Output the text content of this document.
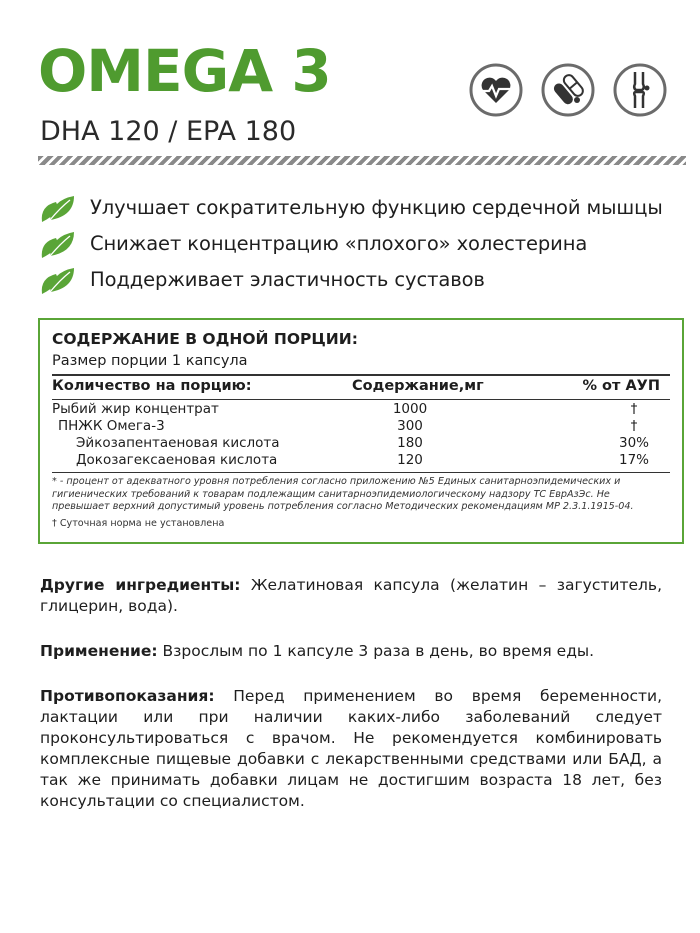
OMEGA 3
DHA 120 / EPA 180
Улучшает сократительную функцию сердечной мышцы
Снижает концентрацию «плохого» холестерина
Поддерживает эластичность суставов
СОДЕРЖАНИЕ В ОДНОЙ ПОРЦИИ:
Размер порции 1 капсула
Количество на порцию:	Содержание,мг	% от АУП
Рыбий жир концентрат	1000	†
ПНЖК Омега-3	300	†
Эйкозапентаеновая кислота	180	30%
Докозагексаеновая кислота	120	17%
* - процент от адекватного уровня потребления согласно приложению №5 Единых санитарноэпидемических и гигиенических требований к товарам подлежащим санитарноэпидемиологическому надзору ТС ЕврАзЭс. Не превышает верхний допустимый уровень потребления согласно Методических рекомендациям МР 2.3.1.1915-04.
† Суточная норма не установлена

Другие ингредиенты: Желатиновая капсула (желатин – загуститель, глицерин, вода).

Применение: Взрослым по 1 капсуле 3 раза в день, во время еды.

Противопоказания: Перед применением во время беременности, лактации или при наличии каких-либо заболеваний следует проконсультироваться с врачом. Не рекомендуется комбинировать комплексные пищевые добавки с лекарственными средствами или БАД, а так же принимать добавки лицам не достигшим возраста 18 лет, без консультации со специалистом.
